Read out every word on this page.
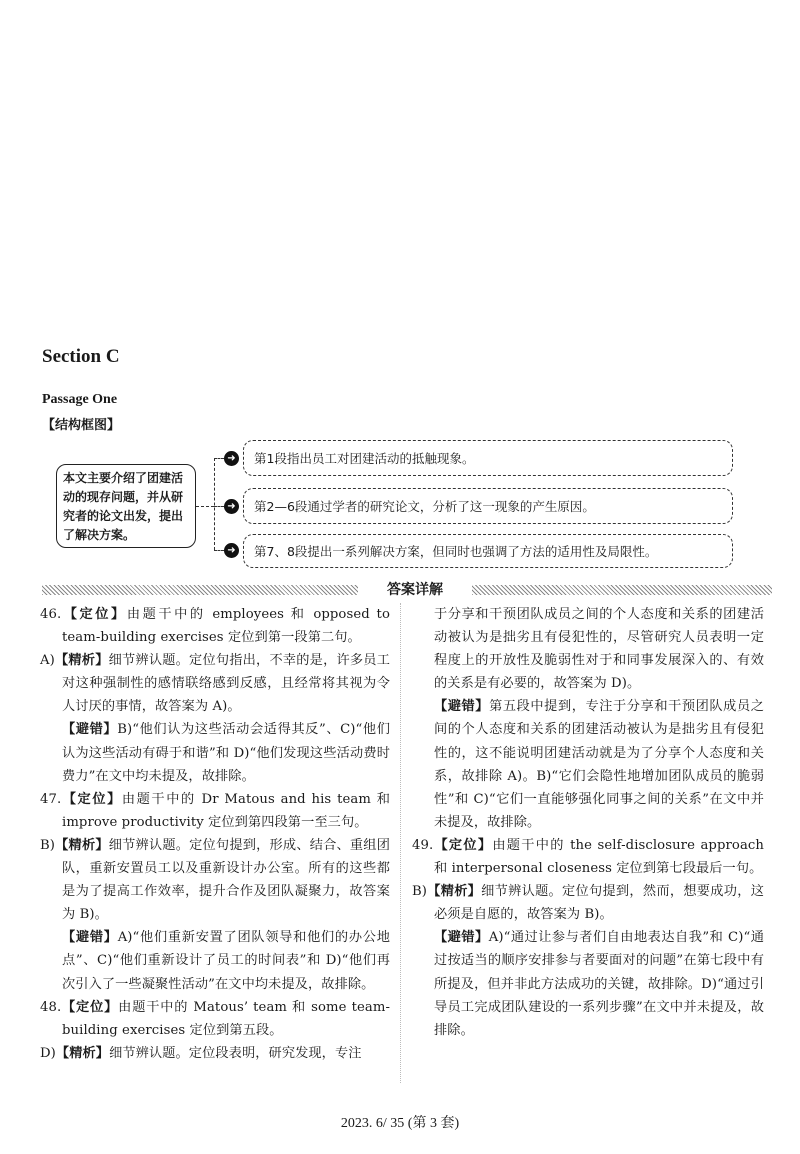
Section C
Passage One
【结构框图】
本文主要介绍了团建活动的现存问题，并从研究者的论文出发，提出了解决方案。
➜ 第1段指出员工对团建活动的抵触现象。
➜ 第2—6段通过学者的研究论文，分析了这一现象的产生原因。
➜ 第7、8段提出一系列解决方案，但同时也强调了方法的适用性及局限性。
答案详解

46.【定位】由题干中的 employees 和 opposed to team-building exercises 定位到第一段第二句。

A)【精析】细节辨认题。定位句指出，不幸的是，许多员工对这种强制性的感情联络感到反感，且经常将其视为令人讨厌的事情，故答案为 A)。

【避错】B)“他们认为这些活动会适得其反”、C)“他们认为这些活动有碍于和谐”和 D)“他们发现这些活动费时费力”在文中均未提及，故排除。

47.【定位】由题干中的 Dr Matous and his team 和 improve productivity 定位到第四段第一至三句。

B)【精析】细节辨认题。定位句提到，形成、结合、重组团队，重新安置员工以及重新设计办公室。所有的这些都是为了提高工作效率，提升合作及团队凝聚力，故答案为 B)。

【避错】A)“他们重新安置了团队领导和他们的办公地点”、C)“他们重新设计了员工的时间表”和 D)“他们再次引入了一些凝聚性活动”在文中均未提及，故排除。

48.【定位】由题干中的 Matous’ team 和 some team-building exercises 定位到第五段。

D)【精析】细节辨认题。定位段表明，研究发现，专注

于分享和干预团队成员之间的个人态度和关系的团建活动被认为是拙劣且有侵犯性的，尽管研究人员表明一定程度上的开放性及脆弱性对于和同事发展深入的、有效的关系是有必要的，故答案为 D)。

【避错】第五段中提到，专注于分享和干预团队成员之间的个人态度和关系的团建活动被认为是拙劣且有侵犯性的，这不能说明团建活动就是为了分享个人态度和关系，故排除 A)。B)“它们会隐性地增加团队成员的脆弱性”和 C)“它们一直能够强化同事之间的关系”在文中并未提及，故排除。

49.【定位】由题干中的 the self-disclosure approach 和 interpersonal closeness 定位到第七段最后一句。

B)【精析】细节辨认题。定位句提到，然而，想要成功，这必须是自愿的，故答案为 B)。

【避错】A)“通过让参与者们自由地表达自我”和 C)“通过按适当的顺序安排参与者要面对的问题”在第七段中有所提及，但并非此方法成功的关键，故排除。D)“通过引导员工完成团队建设的一系列步骤”在文中并未提及，故排除。

2023. 6/ 35 (第 3 套)
